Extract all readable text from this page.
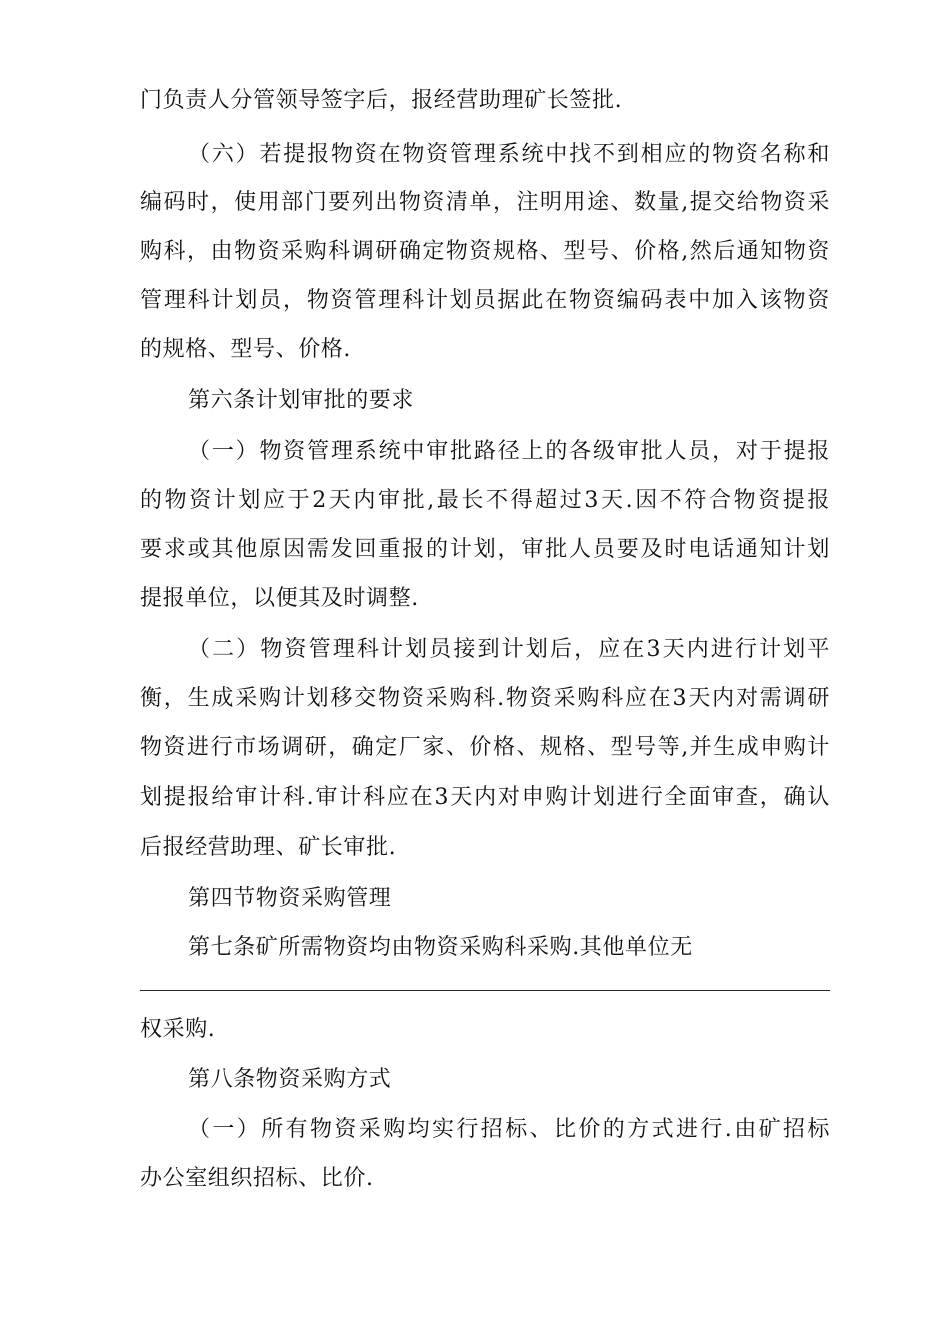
门负责人分管领导签字后，报经营助理矿长签批.
（六）若提报物资在物资管理系统中找不到相应的物资名称和
编码时，使用部门要列出物资清单，注明用途、数量,提交给物资采
购科，由物资采购科调研确定物资规格、型号、价格,然后通知物资
管理科计划员，物资管理科计划员据此在物资编码表中加入该物资
的规格、型号、价格.
第六条计划审批的要求
（一）物资管理系统中审批路径上的各级审批人员，对于提报
的物资计划应于2天内审批,最长不得超过3天.因不符合物资提报
要求或其他原因需发回重报的计划，审批人员要及时电话通知计划
提报单位，以便其及时调整.
（二）物资管理科计划员接到计划后，应在3天内进行计划平
衡，生成采购计划移交物资采购科.物资采购科应在3天内对需调研
物资进行市场调研，确定厂家、价格、规格、型号等,并生成申购计
划提报给审计科.审计科应在3天内对申购计划进行全面审查，确认
后报经营助理、矿长审批.
第四节物资采购管理
第七条矿所需物资均由物资采购科采购.其他单位无
权采购.
第八条物资采购方式
（一）所有物资采购均实行招标、比价的方式进行.由矿招标
办公室组织招标、比价.
